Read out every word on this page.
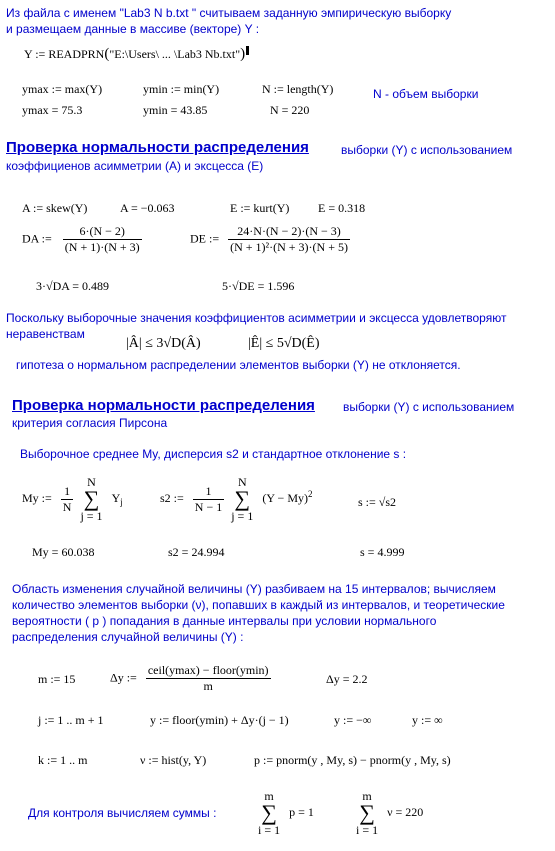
Из файла с именем "Lab3 N b.txt " считываем заданную эмпирическую выборку
и размещаем данные в массиве (векторе) Y :
Y := READPRN("E:\Users\ ... \Lab3 Nb.txt")
ymax := max(Y)	ymin := min(Y)	N := length(Y)	N - объем выборки
ymax = 75.3	ymin = 43.85	N = 220
Проверка нормальности распределения	выборки (Y) с использованием
коэффициенов асимметрии (A) и эксцесса (E)
A := skew(Y)	A = −0.063	E := kurt(Y) E = 0.318
DA := $\frac{6\cdot(N - 2)}{(N + 1)\cdot(N + 3)}$	DE := $\frac{24\cdot N\cdot(N - 2)\cdot(N - 3)}{\text{(N + 1)²·(N + 3)·(N + 5)}}$
3·√DA = 0.489	5·√DE = 1.596
Поскольку выборочные значения коэффициентов асимметрии и эксцесса удовлетворяют
неравенствам
|Â| ≤ 3√D(Â)	|Ê| ≤ 5√D(Ê)
гипотеза о нормальном распределении элементов выборки (Y) не отклоняется.
Проверка нормальности распределения выборки (Y) с использованием
критерия согласия Пирсона
Выборочное среднее My, дисперсия s2 и стандартное отклонение s :
My := $\frac{1}{N}$
N
∑
j = 1 $Y_j$	s2 := $\frac{1}{N - 1}$
N
∑
j = 1 $(Y - My)^2$
s := √s2
My = 60.038	s2 = 24.994	s = 4.999
Область изменения случайной величины (Y) разбиваем на 15 интервалов; вычисляем
количество элементов выборки (ν), попавших в каждый из интервалов, и теоретические
вероятности ( p ) попадания в данные интервалы при условии нормального
распределения случайной величины (Y) :
m := 15	Δy := $\frac{\text{ceil(ymax) − floor(ymin)}}{m}$	Δy = 2.2
j := 1 .. m + 1	y := floor(ymin) + Δy·(j − 1)	y := −∞	y := ∞
k := 1 .. m	ν := hist(y, Y)	p := pnorm(y , My, s) − pnorm(y , My, s)
Для контроля вычисляем суммы :
m
∑
i = 1 p = 1
m
∑
i = 1 ν = 220
